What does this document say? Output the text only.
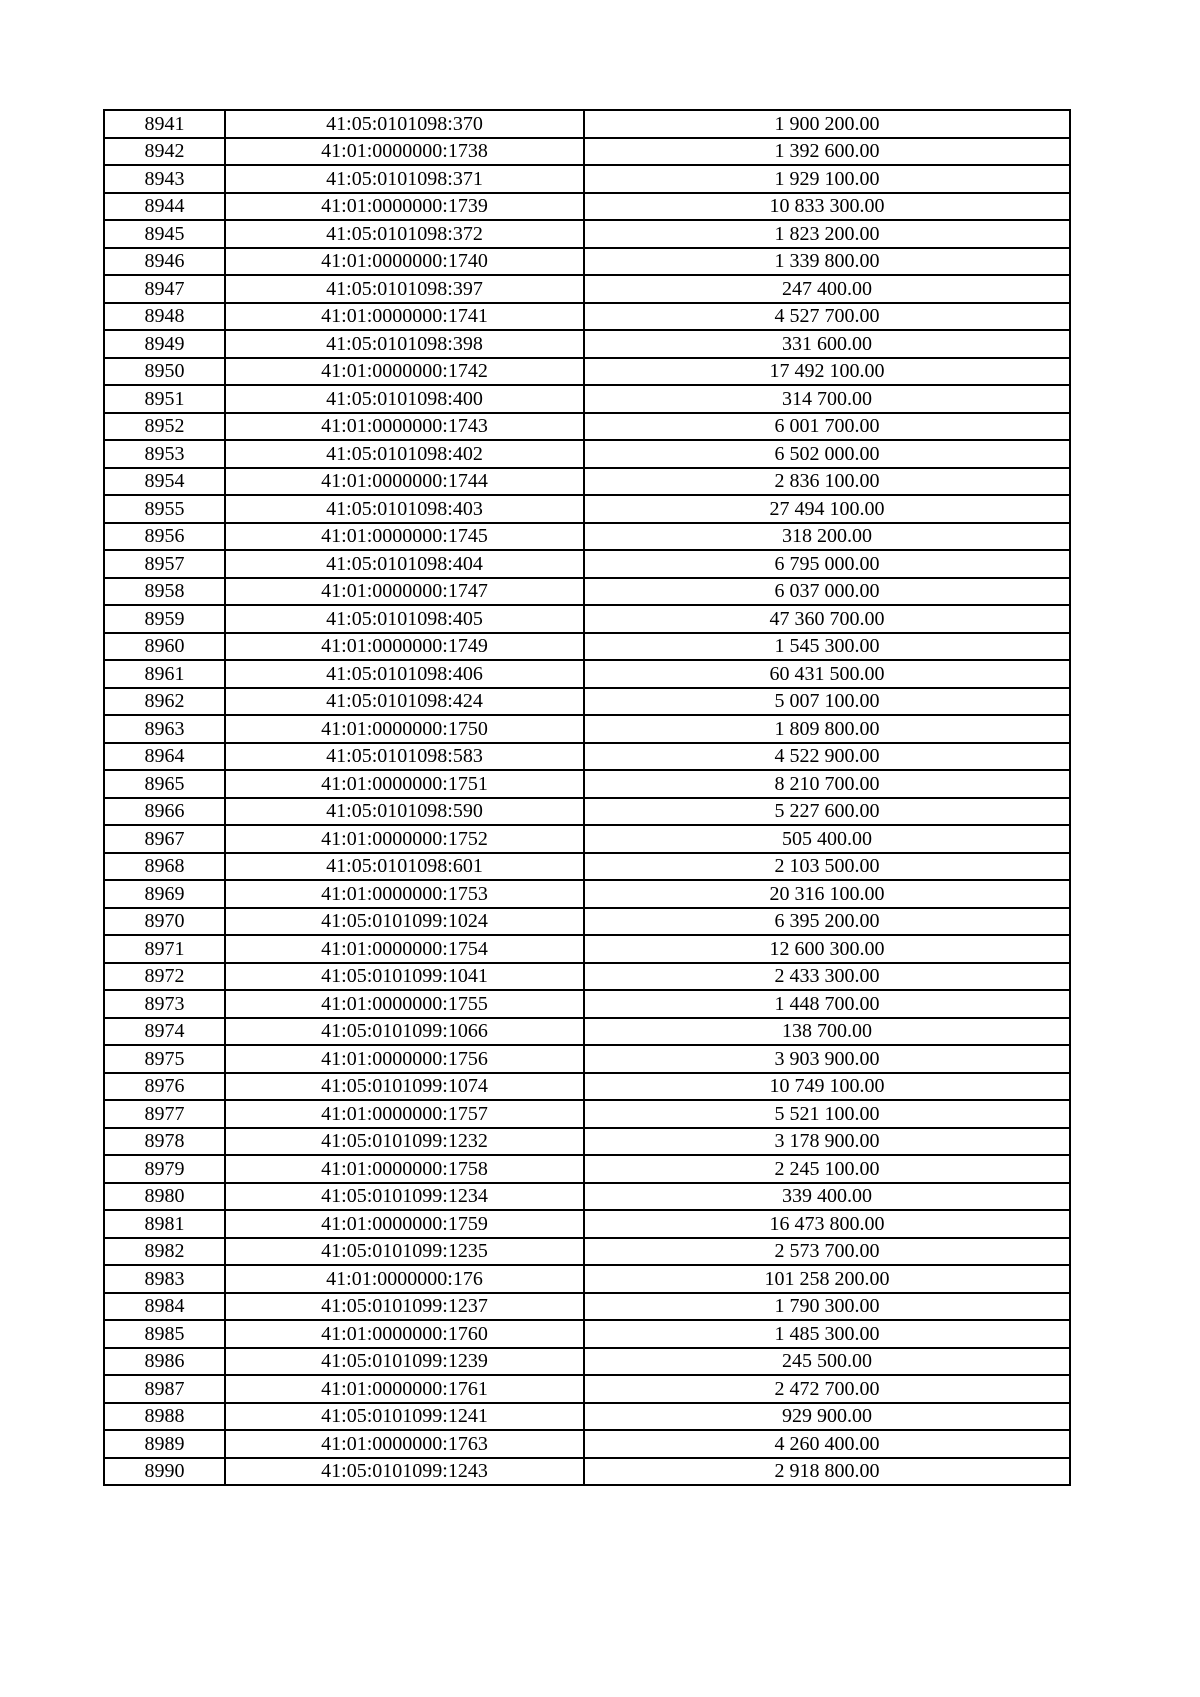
8941	41:05:0101098:370	1 900 200.00
8942	41:01:0000000:1738	1 392 600.00
8943	41:05:0101098:371	1 929 100.00
8944	41:01:0000000:1739	10 833 300.00
8945	41:05:0101098:372	1 823 200.00
8946	41:01:0000000:1740	1 339 800.00
8947	41:05:0101098:397	247 400.00
8948	41:01:0000000:1741	4 527 700.00
8949	41:05:0101098:398	331 600.00
8950	41:01:0000000:1742	17 492 100.00
8951	41:05:0101098:400	314 700.00
8952	41:01:0000000:1743	6 001 700.00
8953	41:05:0101098:402	6 502 000.00
8954	41:01:0000000:1744	2 836 100.00
8955	41:05:0101098:403	27 494 100.00
8956	41:01:0000000:1745	318 200.00
8957	41:05:0101098:404	6 795 000.00
8958	41:01:0000000:1747	6 037 000.00
8959	41:05:0101098:405	47 360 700.00
8960	41:01:0000000:1749	1 545 300.00
8961	41:05:0101098:406	60 431 500.00
8962	41:05:0101098:424	5 007 100.00
8963	41:01:0000000:1750	1 809 800.00
8964	41:05:0101098:583	4 522 900.00
8965	41:01:0000000:1751	8 210 700.00
8966	41:05:0101098:590	5 227 600.00
8967	41:01:0000000:1752	505 400.00
8968	41:05:0101098:601	2 103 500.00
8969	41:01:0000000:1753	20 316 100.00
8970	41:05:0101099:1024	6 395 200.00
8971	41:01:0000000:1754	12 600 300.00
8972	41:05:0101099:1041	2 433 300.00
8973	41:01:0000000:1755	1 448 700.00
8974	41:05:0101099:1066	138 700.00
8975	41:01:0000000:1756	3 903 900.00
8976	41:05:0101099:1074	10 749 100.00
8977	41:01:0000000:1757	5 521 100.00
8978	41:05:0101099:1232	3 178 900.00
8979	41:01:0000000:1758	2 245 100.00
8980	41:05:0101099:1234	339 400.00
8981	41:01:0000000:1759	16 473 800.00
8982	41:05:0101099:1235	2 573 700.00
8983	41:01:0000000:176	101 258 200.00
8984	41:05:0101099:1237	1 790 300.00
8985	41:01:0000000:1760	1 485 300.00
8986	41:05:0101099:1239	245 500.00
8987	41:01:0000000:1761	2 472 700.00
8988	41:05:0101099:1241	929 900.00
8989	41:01:0000000:1763	4 260 400.00
8990	41:05:0101099:1243	2 918 800.00
